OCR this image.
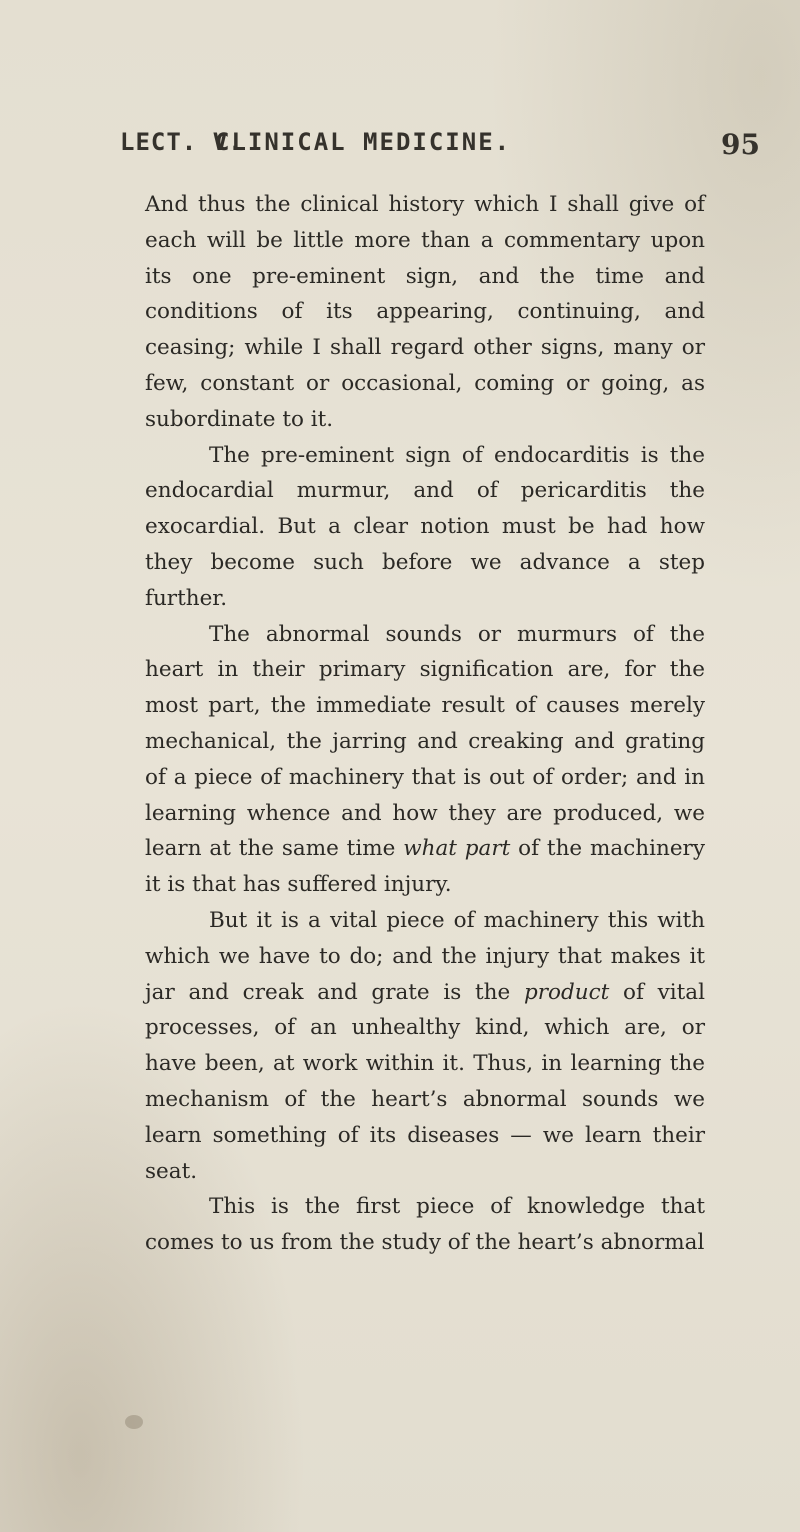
LECT. V.
CLINICAL MEDICINE.	95

And thus the clinical history which I shall give of each will be little more than a commentary upon its one pre-eminent sign, and the time and conditions of its appearing, continuing, and ceasing; while I shall regard other signs, many or few, constant or occasional, coming or going, as subordinate to it.

The pre-eminent sign of endocarditis is the endocardial murmur, and of pericarditis the exocardial. But a clear notion must be had how they become such before we advance a step further.

The abnormal sounds or murmurs of the heart in their primary signification are, for the most part, the immediate result of causes merely mechanical, the jarring and creaking and grating of a piece of machinery that is out of order; and in learning whence and how they are produced, we learn at the same time what part of the machinery it is that has suffered injury.

But it is a vital piece of machinery this with which we have to do; and the injury that makes it jar and creak and grate is the product of vital processes, of an unhealthy kind, which are, or have been, at work within it. Thus, in learning the mechanism of the heart’s abnormal sounds we learn something of its diseases — we learn their seat.

This is the first piece of knowledge that comes to us from the study of the heart’s abnormal
